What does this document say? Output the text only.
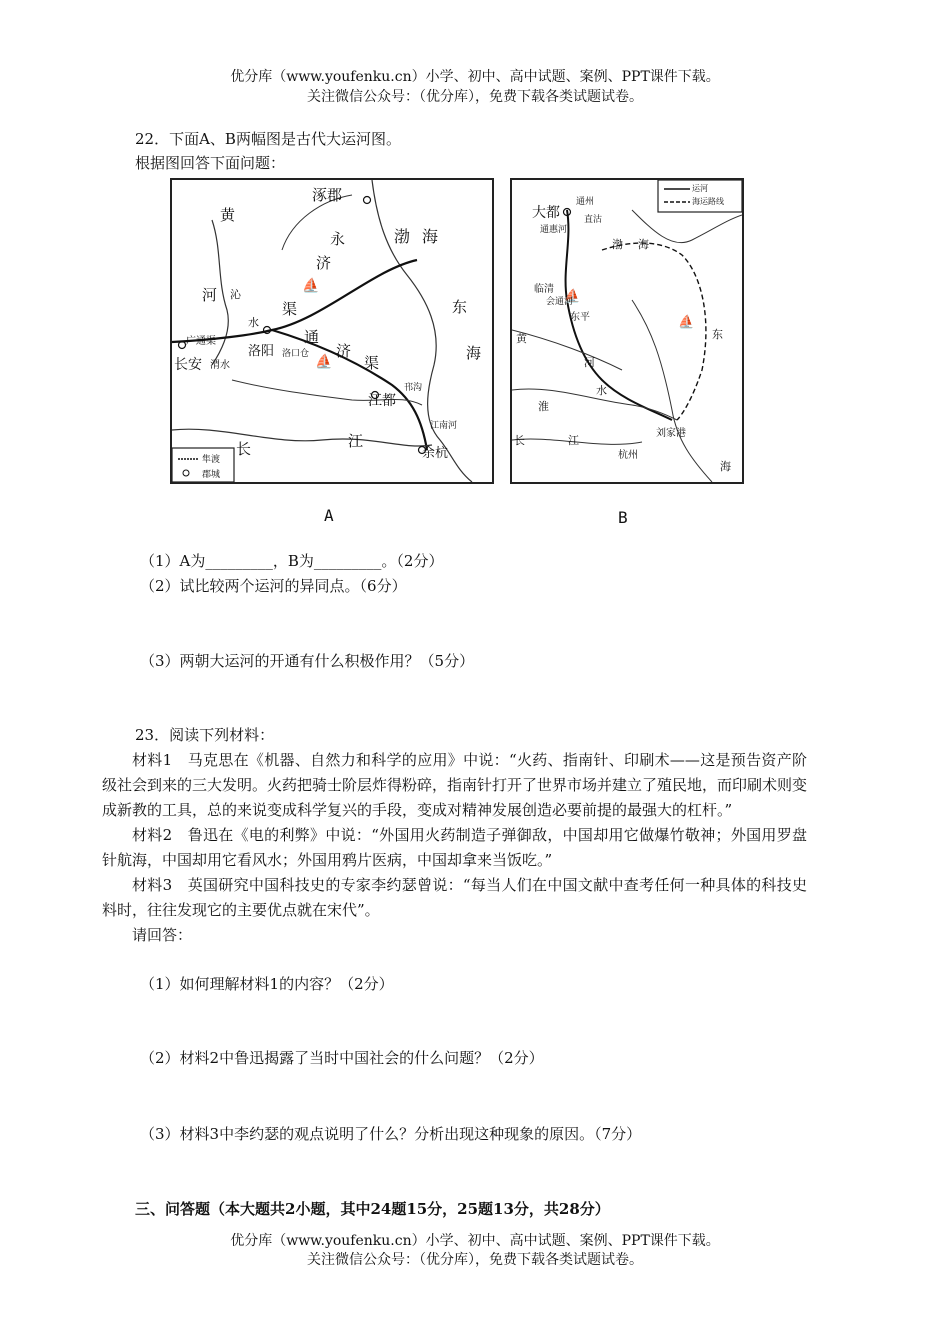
优分库（www.youfenku.cn）小学、初中、高中试题、案例、PPT课件下载。
关注微信公众号：（优分库），免费下载各类试题试卷。
22．下面A、B两幅图是古代大运河图。
根据图回答下面问题：
⛵
⛵
涿郡
黄
河
渤 海
永
济
渠
沁
水
通
济
渠
广通渠
洛阳
长安 渭水
洛口仓
江都
邗沟
江南河
长	江
余杭
东
海
隼渡
郡城
⛵
⛵
运河
海运路线
大都
通州
直沽
通惠河
渤 海
临清
会通河
东平
黄
河
水
淮
长	江
刘家港
杭州
东
海
A	B
（1）A为_________，B为_________。（2分）
（2）试比较两个运河的异同点。（6分）
（3）两朝大运河的开通有什么积极作用？（5分）
23．阅读下列材料：

材料1　马克思在《机器、自然力和科学的应用》中说：“火药、指南针、印刷术——这是预告资产阶级社会到来的三大发明。火药把骑士阶层炸得粉碎，指南针打开了世界市场并建立了殖民地，而印刷术则变成新教的工具，总的来说变成科学复兴的手段，变成对精神发展创造必要前提的最强大的杠杆。”

材料2　鲁迅在《电的利弊》中说：“外国用火药制造子弹御敌，中国却用它做爆竹敬神；外国用罗盘针航海，中国却用它看风水；外国用鸦片医病，中国却拿来当饭吃。”

材料3　英国研究中国科技史的专家李约瑟曾说：“每当人们在中国文献中查考任何一种具体的科技史料时，往往发现它的主要优点就在宋代”。

请回答：

（1）如何理解材料1的内容？（2分）
（2）材料2中鲁迅揭露了当时中国社会的什么问题？（2分）
（3）材料3中李约瑟的观点说明了什么？分析出现这种现象的原因。（7分）
三、问答题（本大题共2小题，其中24题15分，25题13分，共28分）
优分库（www.youfenku.cn）小学、初中、高中试题、案例、PPT课件下载。
关注微信公众号：（优分库），免费下载各类试题试卷。
